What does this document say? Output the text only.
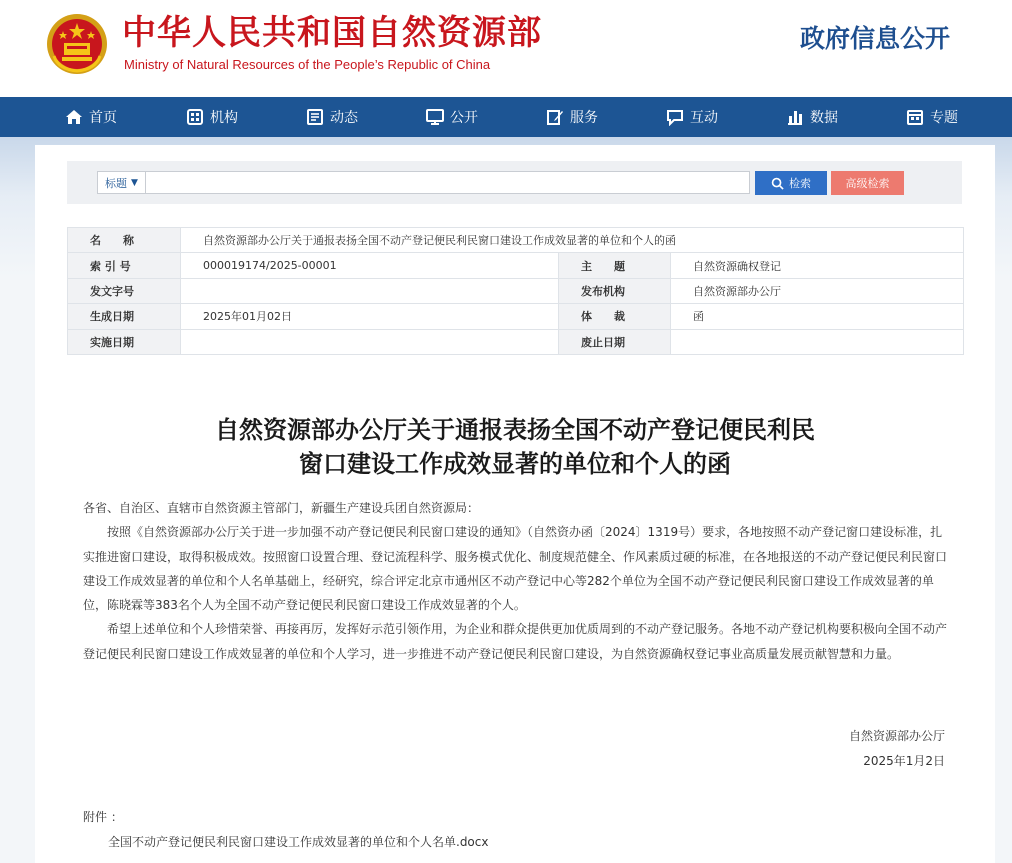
中华人民共和国自然资源部
Ministry of Natural Resources of the People’s Republic of China
政府信息公开
首页	机构	动态	公开	服务	互动	数据	专题
标题 ▼	检索	高级检索
名　　称	自然资源部办公厅关于通报表扬全国不动产登记便民利民窗口建设工作成效显著的单位和个人的函		
索 引 号	000019174/2025-00001	主　　题	自然资源确权登记
发文字号		发布机构	自然资源部办公厅
生成日期	2025年01月02日	体　　裁	函
实施日期		废止日期	
自然资源部办公厅关于通报表扬全国不动产登记便民利民
窗口建设工作成效显著的单位和个人的函

各省、自治区、直辖市自然资源主管部门，新疆生产建设兵团自然资源局：

按照《自然资源部办公厅关于进一步加强不动产登记便民利民窗口建设的通知》（自然资办函〔2024〕1319号）要求，各地按照不动产登记窗口建设标准，扎实推进窗口建设，取得积极成效。按照窗口设置合理、登记流程科学、服务模式优化、制度规范健全、作风素质过硬的标准，在各地报送的不动产登记便民利民窗口建设工作成效显著的单位和个人名单基础上，经研究，综合评定北京市通州区不动产登记中心等282个单位为全国不动产登记便民利民窗口建设工作成效显著的单位，陈晓霖等383名个人为全国不动产登记便民利民窗口建设工作成效显著的个人。

希望上述单位和个人珍惜荣誉、再接再厉，发挥好示范引领作用，为企业和群众提供更加优质周到的不动产登记服务。各地不动产登记机构要积极向全国不动产登记便民利民窗口建设工作成效显著的单位和个人学习，进一步推进不动产登记便民利民窗口建设，为自然资源确权登记事业高质量发展贡献智慧和力量。

自然资源部办公厅
2025年1月2日
附件 ：
全国不动产登记便民利民窗口建设工作成效显著的单位和个人名单.docx
